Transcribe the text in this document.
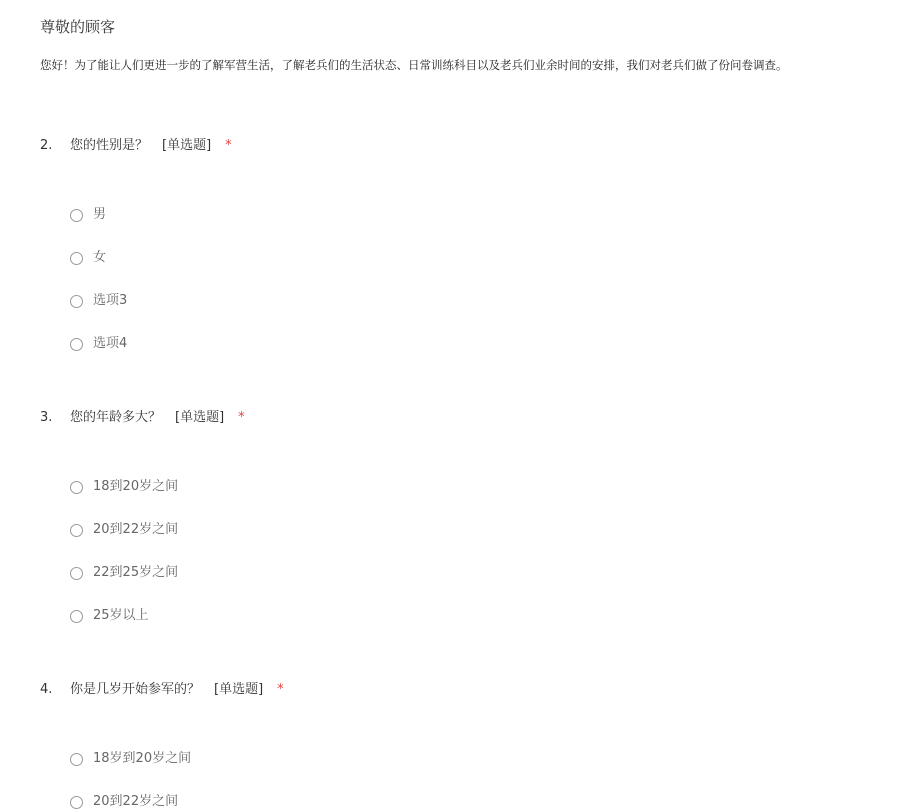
尊敬的顾客

您好！为了能让人们更进一步的了解军营生活，了解老兵们的生活状态、日常训练科目以及老兵们业余时间的安排，我们对老兵们做了份问卷调查。

2. 您的性别是？ [单选题] *
男
女
选项3
选项4
3. 您的年龄多大？ [单选题] *
18到20岁之间
20到22岁之间
22到25岁之间
25岁以上
4. 你是几岁开始参军的？ [单选题] *
18岁到20岁之间
20到22岁之间
